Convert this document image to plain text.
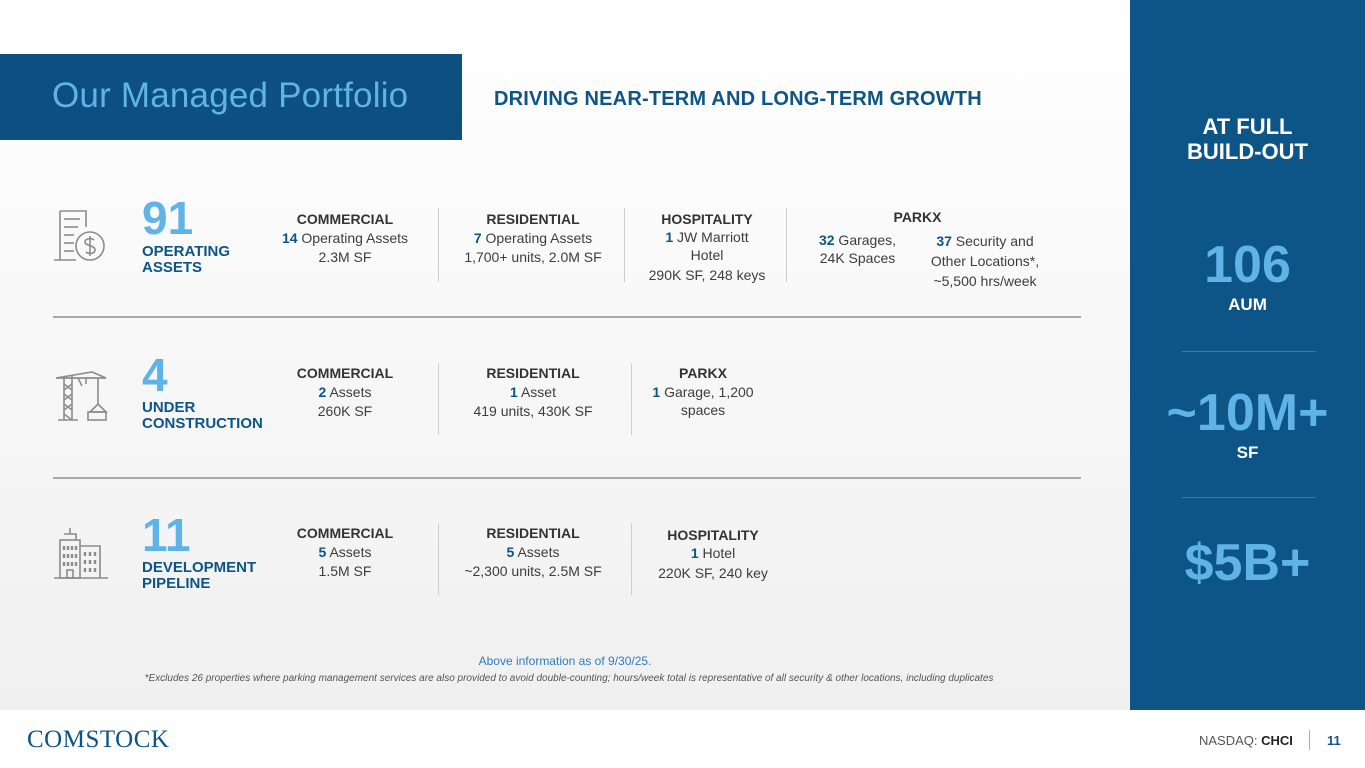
Our Managed Portfolio	DRIVING NEAR-TERM AND LONG-TERM GROWTH
91
OPERATING
ASSETS
COMMERCIAL
14 Operating Assets
2.3M SF
RESIDENTIAL
7 Operating Assets
1,700+ units, 2.0M SF
HOSPITALITY
1 JW Marriott
Hotel
290K SF, 248 keys
PARKX
32 Garages,
24K Spaces
37 Security and
Other Locations*,
~5,500 hrs/week
4
UNDER
CONSTRUCTION
COMMERCIAL
2 Assets
260K SF
RESIDENTIAL
1 Asset
419 units, 430K SF
PARKX
1 Garage, 1,200
spaces
11
DEVELOPMENT
PIPELINE
COMMERCIAL
5 Assets
1.5M SF
RESIDENTIAL
5 Assets
~2,300 units, 2.5M SF
HOSPITALITY
1 Hotel
220K SF, 240 key
Above information as of 9/30/25.
*Excludes 26 properties where parking management services are also provided to avoid double-counting; hours/week total is representative of all security & other locations, including duplicates
AT FULL
BUILD-OUT
106
AUM
~10M+
SF
$5B+
COMSTOCK	NASDAQ: CHCI	11
